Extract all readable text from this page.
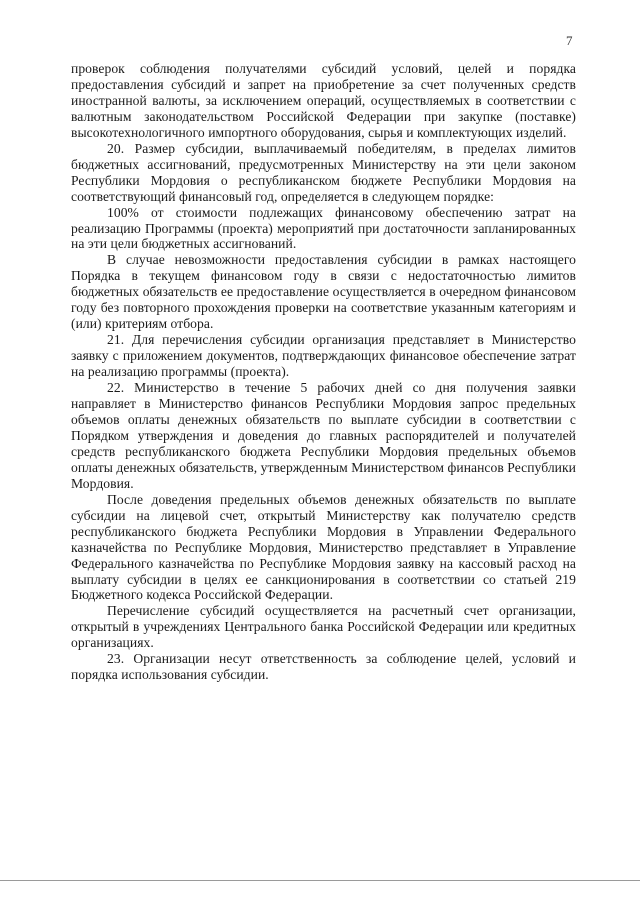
7

проверок соблюдения получателями субсидий условий, целей и порядка предоставления субсидий и запрет на приобретение за счет полученных средств иностранной валюты, за исключением операций, осуществляемых в соответствии с валютным законодательством Российской Федерации при закупке (поставке) высокотехнологичного импортного оборудования, сырья и комплектующих изделий.

20. Размер субсидии, выплачиваемый победителям, в пределах лимитов бюджетных ассигнований, предусмотренных Министерству на эти цели законом Республики Мордовия о республиканском бюджете Республики Мордовия на соответствующий финансовый год, определяется в следующем порядке:

100% от стоимости подлежащих финансовому обеспечению затрат на реализацию Программы (проекта) мероприятий при достаточности запланированных на эти цели бюджетных ассигнований.

В случае невозможности предоставления субсидии в рамках настоящего Порядка в текущем финансовом году в связи с недостаточностью лимитов бюджетных обязательств ее предоставление осуществляется в очередном финансовом году без повторного прохождения проверки на соответствие указанным категориям и (или) критериям отбора.

21. Для перечисления субсидии организация представляет в Министерство заявку с приложением документов, подтверждающих финансовое обеспечение затрат на реализацию программы (проекта).

22. Министерство в течение 5 рабочих дней со дня получения заявки направляет в Министерство финансов Республики Мордовия запрос предельных объемов оплаты денежных обязательств по выплате субсидии в соответствии с Порядком утверждения и доведения до главных распорядителей и получателей средств республиканского бюджета Республики Мордовия предельных объемов оплаты денежных обязательств, утвержденным Министерством финансов Республики Мордовия.

После доведения предельных объемов денежных обязательств по выплате субсидии на лицевой счет, открытый Министерству как получателю средств республиканского бюджета Республики Мордовия в Управлении Федерального казначейства по Республике Мордовия, Министерство представляет в Управление Федерального казначейства по Республике Мордовия заявку на кассовый расход на выплату субсидии в целях ее санкционирования в соответствии со статьей 219 Бюджетного кодекса Российской Федерации.

Перечисление субсидий осуществляется на расчетный счет организации, открытый в учреждениях Центрального банка Российской Федерации или кредитных организациях.

23. Организации несут ответственность за соблюдение целей, условий и порядка использования субсидии.
